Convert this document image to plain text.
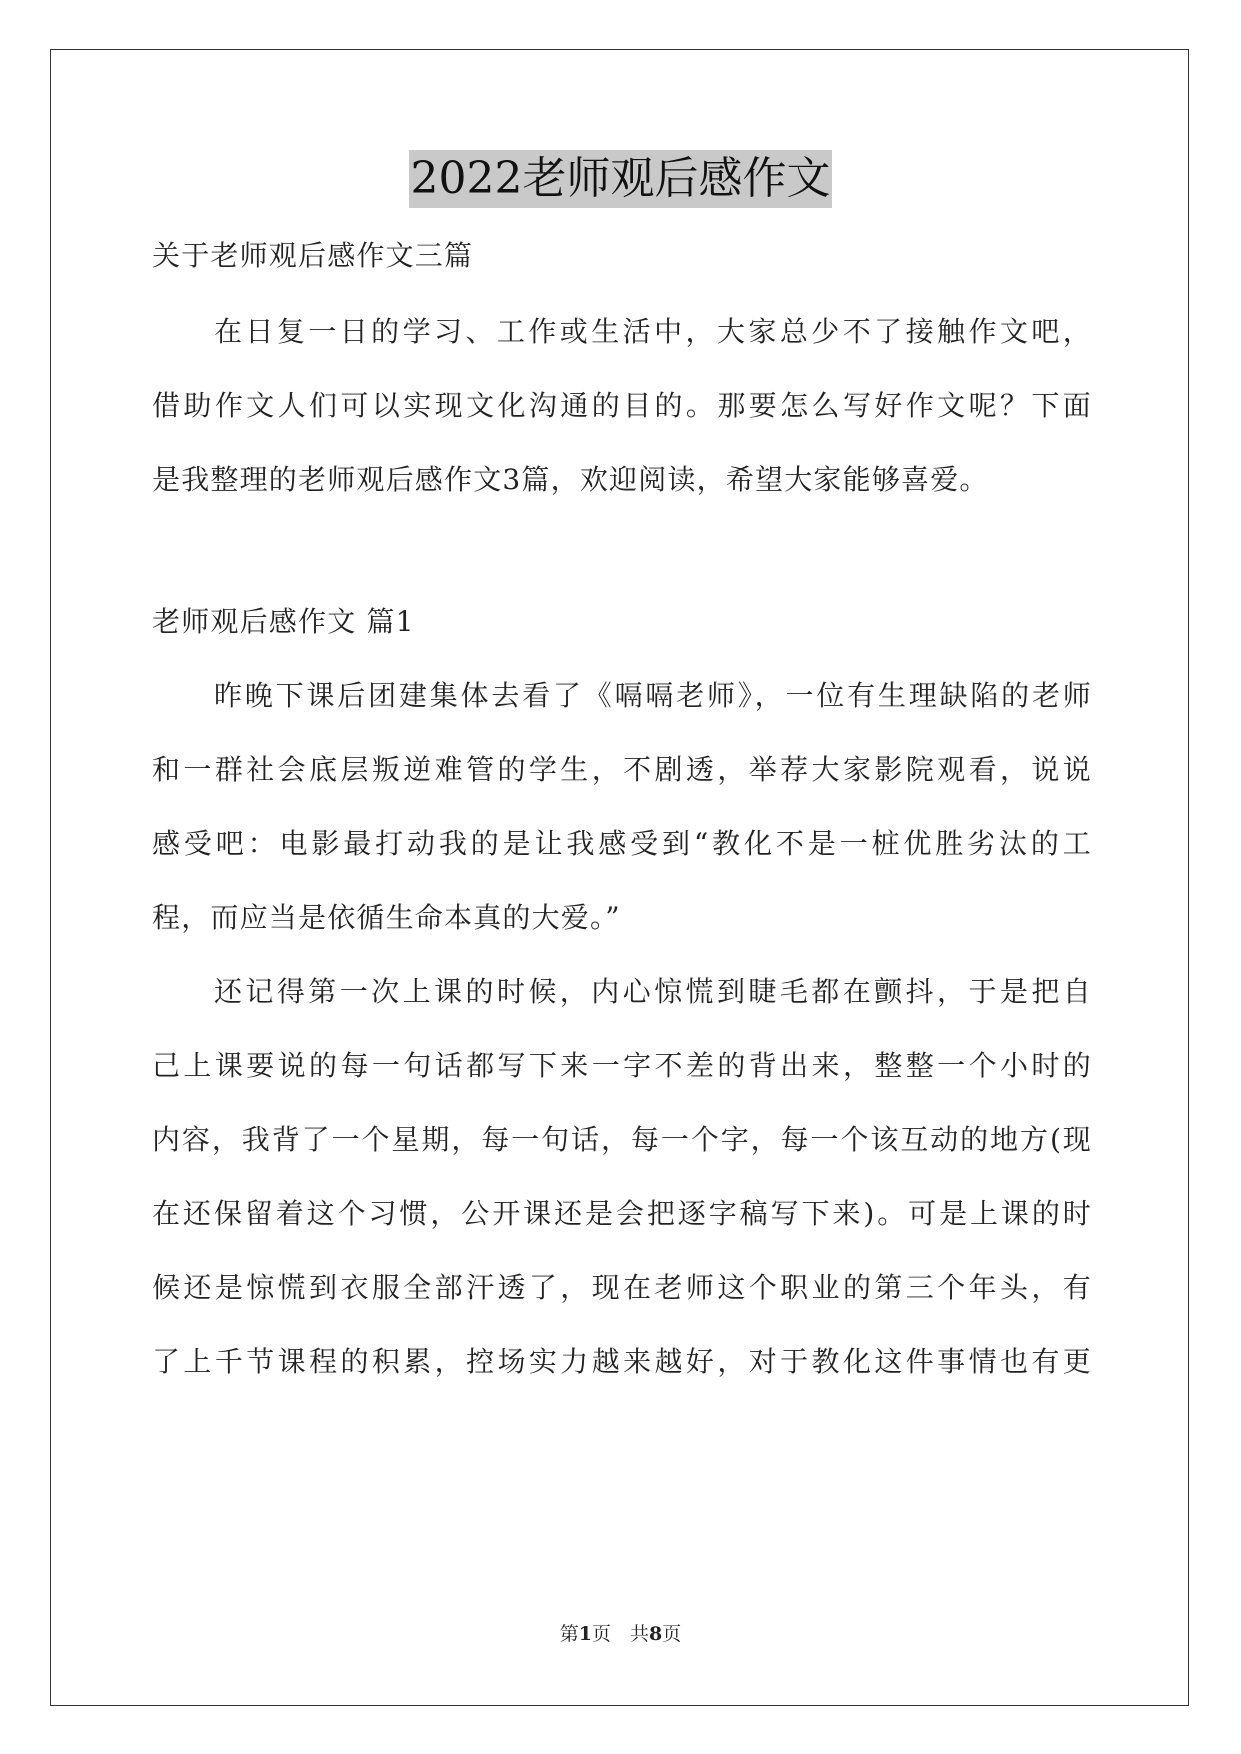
2022老师观后感作文
关于老师观后感作文三篇
在日复一日的学习、工作或生活中，大家总少不了接触作文吧，
借助作文人们可以实现文化沟通的目的。那要怎么写好作文呢？下面
是我整理的老师观后感作文3篇，欢迎阅读，希望大家能够喜爱。
老师观后感作文 篇1
昨晚下课后团建集体去看了《嗝嗝老师》，一位有生理缺陷的老师
和一群社会底层叛逆难管的学生，不剧透，举荐大家影院观看，说说
感受吧：电影最打动我的是让我感受到“教化不是一桩优胜劣汰的工
程，而应当是依循生命本真的大爱。”
还记得第一次上课的时候，内心惊慌到睫毛都在颤抖，于是把自
己上课要说的每一句话都写下来一字不差的背出来，整整一个小时的
内容，我背了一个星期，每一句话，每一个字，每一个该互动的地方(现
在还保留着这个习惯，公开课还是会把逐字稿写下来)。可是上课的时
候还是惊慌到衣服全部汗透了，现在老师这个职业的第三个年头，有
了上千节课程的积累，控场实力越来越好，对于教化这件事情也有更
第1页　共8页
